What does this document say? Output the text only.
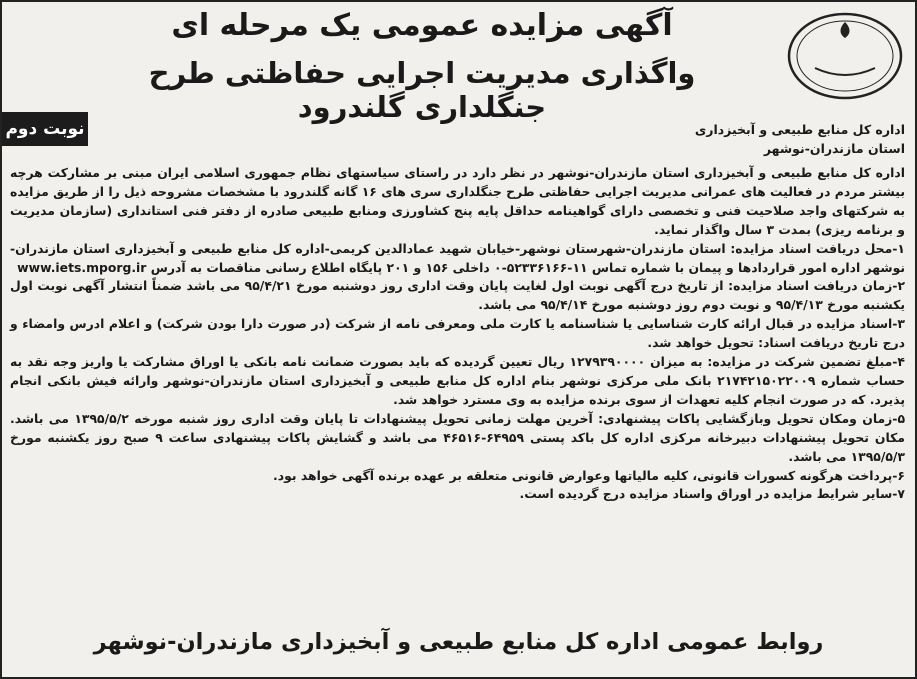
آگهی مزایده عمومی یک مرحله ای
واگذاری مدیریت اجرایی حفاظتی طرح جنگلداری گلندرود
نوبت دوم	اداره کل منابع طبیعی و آبخیزداری
استان مازندران-نوشهر

اداره کل منابع طبیعی و آبخیزداری استان مازندران-نوشهر در نظر دارد در راستای سیاستهای نظام جمهوری اسلامی ایران مبنی بر مشارکت هرچه بیشتر مردم در فعالیت های عمرانی مدیریت اجرایی حفاظتی طرح جنگلداری سری های ۱۶ گانه گلندرود با مشخصات مشروحه ذیل را از طریق مزایده به شرکتهای واجد صلاحیت فنی و تخصصی دارای گواهینامه حداقل پایه پنج کشاورزی ومنابع طبیعی صادره از دفتر فنی استانداری (سازمان مدیریت و برنامه ریزی) بمدت ۳ سال واگذار نماید.

۱-محل دریافت اسناد مزایده: استان مازندران-شهرستان نوشهر-خیابان شهید عمادالدین کریمی-اداره کل منابع طبیعی و آبخیزداری استان مازندران-نوشهر اداره امور قراردادها و پیمان با شماره تماس ۱۱-۵۲۳۳۶۱۶۶-۰ داخلی ۱۵۶ و ۲۰۱ پایگاه اطلاع رسانی مناقصات به آدرس www.iets.mporg.ir

۲-زمان دریافت اسناد مزایده: از تاریخ درج آگهی نوبت اول لغایت پایان وقت اداری روز دوشنبه مورخ ۹۵/۴/۲۱ می باشد ضمناً انتشار آگهی نوبت اول یکشنبه مورخ ۹۵/۴/۱۳ و نوبت دوم روز دوشنبه مورخ ۹۵/۴/۱۴ می باشد.

۳-اسناد مزایده در قبال ارائه کارت شناسایی یا شناسنامه یا کارت ملی ومعرفی نامه از شرکت (در صورت دارا بودن شرکت) و اعلام ادرس وامضاء و درج تاریخ دریافت اسناد: تحویل خواهد شد.

۴-مبلغ تضمین شرکت در مزایده: به میزان ۱۲۷۹۳۹۰۰۰۰ ریال تعیین گردیده که باید بصورت ضمانت نامه بانکی یا اوراق مشارکت یا واریز وجه نقد به حساب شماره ۲۱۷۴۲۱۵۰۲۲۰۰۹ بانک ملی مرکزی نوشهر بنام اداره کل منابع طبیعی و آبخیزداری استان مازندران-نوشهر وارائه فیش بانکی انجام پذیرد. که در صورت انجام کلیه تعهدات از سوی برنده مزایده به وی مسترد خواهد شد.

۵-زمان ومکان تحویل وبازگشایی پاکات پیشنهادی: آخرین مهلت زمانی تحویل پیشنهادات تا پایان وقت اداری روز شنبه مورخه ۱۳۹۵/۵/۲ می باشد. مکان تحویل پیشنهادات دبیرخانه مرکزی اداره کل باکد پستی ۶۴۹۵۹-۴۶۵۱۶ می باشد و گشایش پاکات پیشنهادی ساعت ۹ صبح روز یکشنبه مورخ ۱۳۹۵/۵/۳ می باشد.

۶-پرداخت هرگونه کسورات قانونی، کلیه مالیاتها وعوارض قانونی متعلقه بر عهده برنده آگهی خواهد بود.

۷-سایر شرایط مزایده در اوراق واسناد مزایده درج گردیده است.

روابط عمومی اداره کل منابع طبیعی و آبخیزداری مازندران-نوشهر
